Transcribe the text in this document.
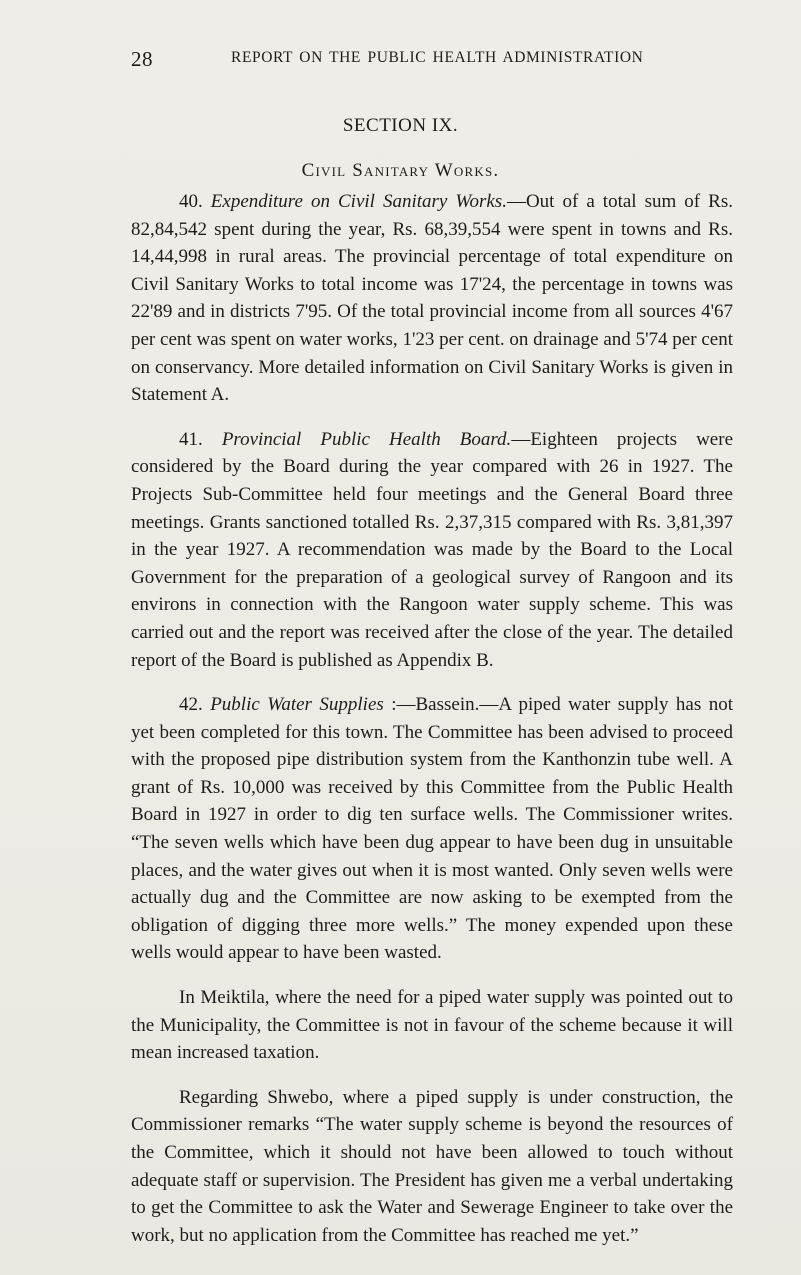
28	REPORT ON THE PUBLIC HEALTH ADMINISTRATION
SECTION IX.
Civil Sanitary Works.

40. Expenditure on Civil Sanitary Works.—Out of a total sum of Rs. 82,84,542 spent during the year, Rs. 68,39,554 were spent in towns and Rs. 14,44,998 in rural areas. The provincial percentage of total expenditure on Civil Sanitary Works to total income was 17'24, the percentage in towns was 22'89 and in districts 7'95. Of the total provincial income from all sources 4'67 per cent was spent on water works, 1'23 per cent. on drainage and 5'74 per cent on conservancy. More detailed information on Civil Sanitary Works is given in Statement A.

41. Provincial Public Health Board.—Eighteen projects were considered by the Board during the year compared with 26 in 1927. The Projects Sub-Committee held four meetings and the General Board three meetings. Grants sanctioned totalled Rs. 2,37,315 compared with Rs. 3,81,397 in the year 1927. A recommendation was made by the Board to the Local Government for the preparation of a geological survey of Rangoon and its environs in connection with the Rangoon water supply scheme. This was carried out and the report was received after the close of the year. The detailed report of the Board is published as Appendix B.

42. Public Water Supplies :—Bassein.—A piped water supply has not yet been completed for this town. The Committee has been advised to proceed with the proposed pipe distribution system from the Kanthonzin tube well. A grant of Rs. 10,000 was received by this Committee from the Public Health Board in 1927 in order to dig ten surface wells. The Commissioner writes. “The seven wells which have been dug appear to have been dug in unsuitable places, and the water gives out when it is most wanted. Only seven wells were actually dug and the Committee are now asking to be exempted from the obligation of digging three more wells.” The money expended upon these wells would appear to have been wasted.

In Meiktila, where the need for a piped water supply was pointed out to the Municipality, the Committee is not in favour of the scheme because it will mean increased taxation.

Regarding Shwebo, where a piped supply is under construction, the Commissioner remarks “The water supply scheme is beyond the resources of the Committee, which it should not have been allowed to touch without adequate staff or supervision. The President has given me a verbal undertaking to get the Committee to ask the Water and Sewerage Engineer to take over the work, but no application from the Committee has reached me yet.”
